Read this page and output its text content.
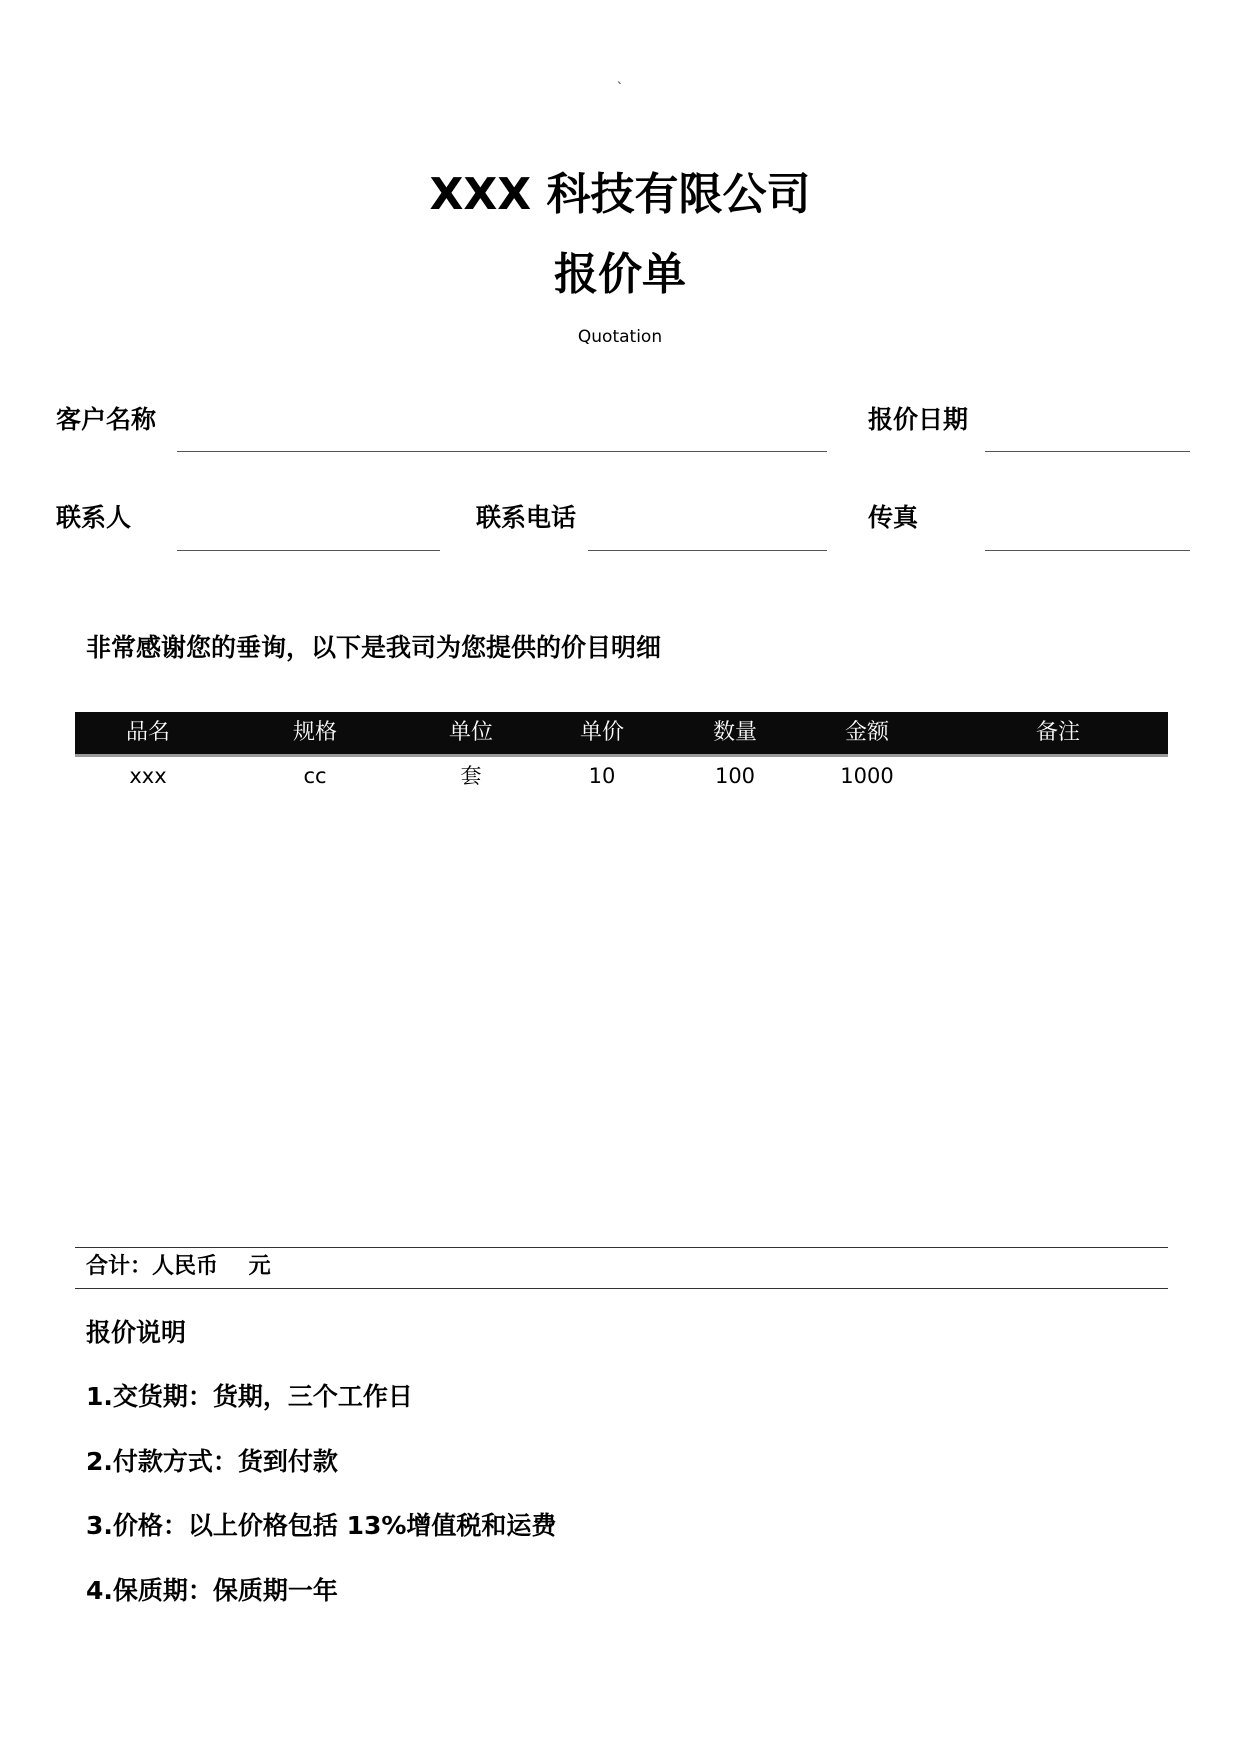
`
XXX 科技有限公司
报价单
Quotation
客户名称	报价日期
联系人	联系电话	传真
非常感谢您的垂询，以下是我司为您提供的价目明细
品名	规格	单位	单价	数量	金额	备注
xxx	cc	套	10	100	1000
合计：人民币    元
报价说明
1.交货期：货期，三个工作日
2.付款方式：货到付款
3.价格：以上价格包括 13%增值税和运费
4.保质期：保质期一年
